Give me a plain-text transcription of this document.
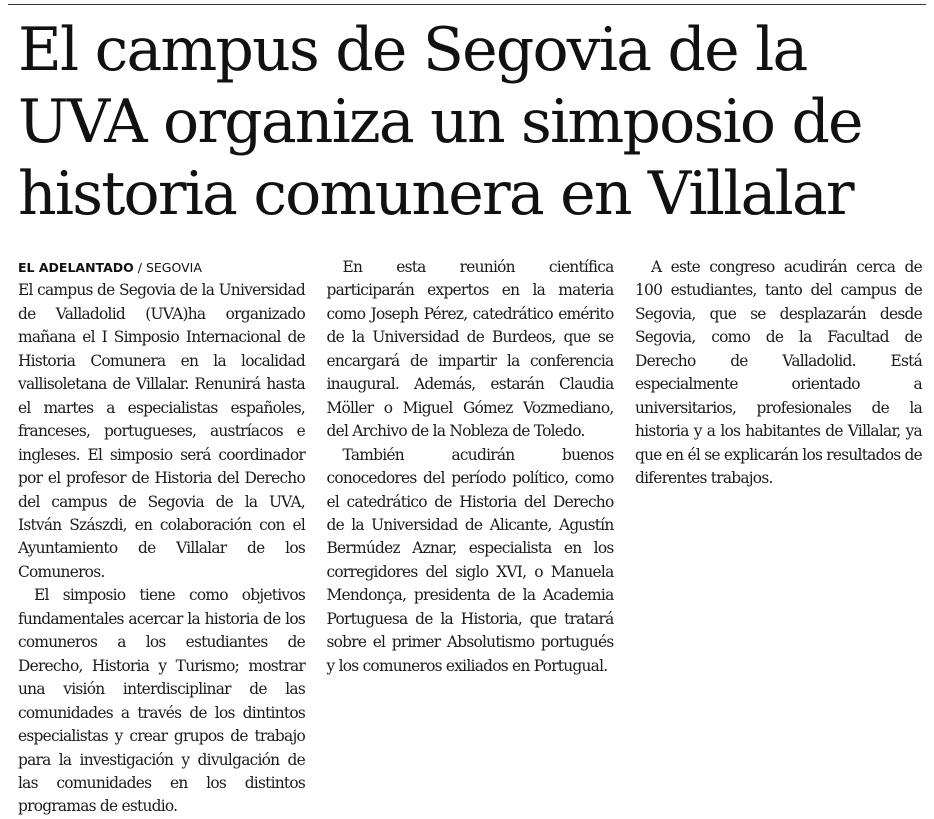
El campus de Segovia de la
UVA organiza un simposio de
historia comunera en Villalar

EL ADELANTADO / SEGOVIA

El campus de Segovia de la Universidad de Valladolid (UVA)ha organizado mañana el I Simposio Internacional de Historia Comunera en la localidad vallisoletana de Villalar. Renunirá hasta el martes a especialistas españoles, franceses, portugueses, austríacos e ingleses. El simposio será coordinador por el profesor de Historia del Derecho del campus de Segovia de la UVA, István Szászdi, en colaboración con el Ayuntamiento de Villalar de los Comuneros.

El simposio tiene como objetivos fundamentales acercar la historia de los comuneros a los estudiantes de Derecho, Historia y Turismo; mostrar una visión interdisciplinar de las comunidades a través de los dintintos especialistas y crear grupos de trabajo para la investigación y divulgación de las comunidades en los distintos programas de estudio.

En esta reunión científica participarán expertos en la materia como Joseph Pérez, catedrático emérito de la Universidad de Burdeos, que se encargará de impartir la conferencia inaugural. Además, estarán Claudia Möller o Miguel Gómez Vozmediano, del Archivo de la Nobleza de Toledo.

También acudirán buenos conocedores del período político, como el catedrático de Historia del Derecho de la Universidad de Alicante, Agustín Bermúdez Aznar, especialista en los corregidores del siglo XVI, o Manuela Mendonça, presidenta de la Academia Portuguesa de la Historia, que tratará sobre el primer Absolutismo portugués y los comuneros exiliados en Portugual.

A este congreso acudirán cerca de 100 estudiantes, tanto del campus de Segovia, que se desplazarán desde Segovia, como de la Facultad de Derecho de Valladolid. Está especialmente orientado a universitarios, profesionales de la historia y a los habitantes de Villalar, ya que en él se explicarán los resultados de diferentes trabajos.
